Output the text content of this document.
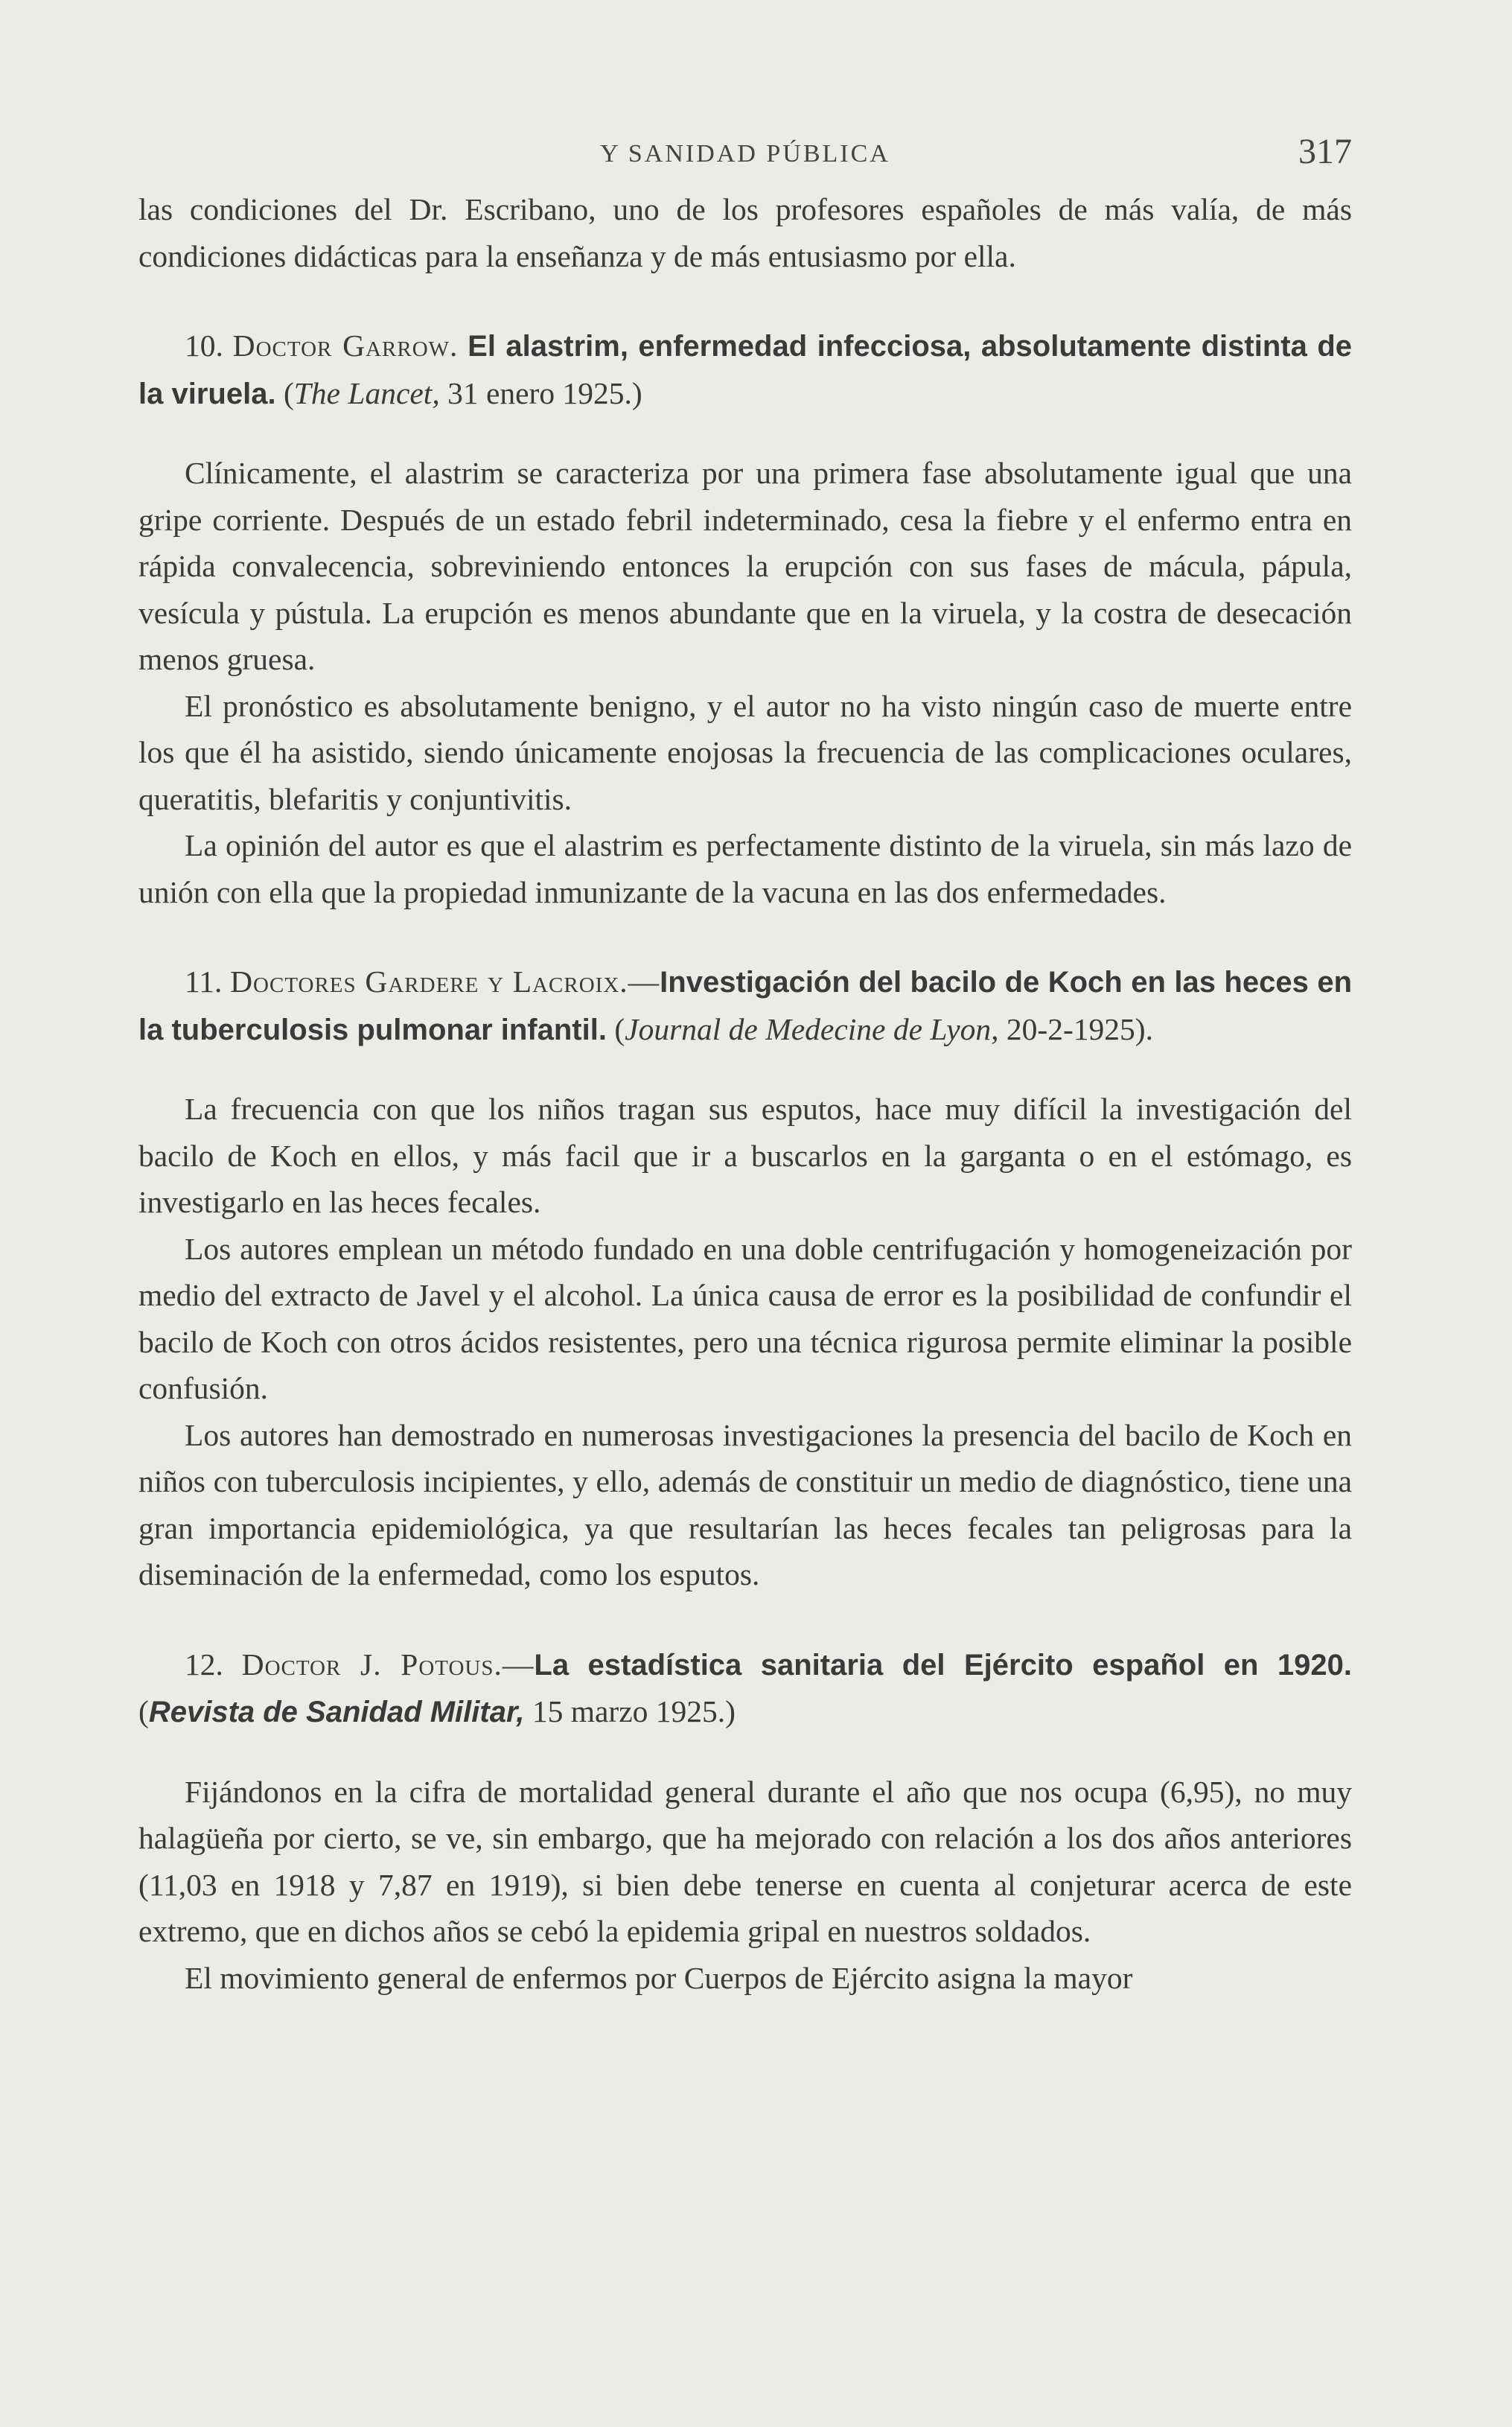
Y SANIDAD PÚBLICA	317

las condiciones del Dr. Escribano, uno de los profesores españoles de más valía, de más condiciones didácticas para la enseñanza y de más entusiasmo por ella.

10. Doctor Garrow. El alastrim, enfermedad infecciosa, absolutamente distinta de la viruela. (The Lancet, 31 enero 1925.)

Clínicamente, el alastrim se caracteriza por una primera fase absolutamente igual que una gripe corriente. Después de un estado febril indeterminado, cesa la fiebre y el enfermo entra en rápida convalecencia, sobreviniendo entonces la erupción con sus fases de mácula, pápula, vesícula y pústula. La erupción es menos abundante que en la viruela, y la costra de desecación menos gruesa.

El pronóstico es absolutamente benigno, y el autor no ha visto ningún caso de muerte entre los que él ha asistido, siendo únicamente enojosas la frecuencia de las complicaciones oculares, queratitis, blefaritis y conjuntivitis.

La opinión del autor es que el alastrim es perfectamente distinto de la viruela, sin más lazo de unión con ella que la propiedad inmunizante de la vacuna en las dos enfermedades.

11. Doctores Gardere y Lacroix.—Investigación del bacilo de Koch en las heces en la tuberculosis pulmonar infantil. (Journal de Medecine de Lyon, 20-2-1925).

La frecuencia con que los niños tragan sus esputos, hace muy difícil la investigación del bacilo de Koch en ellos, y más facil que ir a buscarlos en la garganta o en el estómago, es investigarlo en las heces fecales.

Los autores emplean un método fundado en una doble centrifugación y homogeneización por medio del extracto de Javel y el alcohol. La única causa de error es la posibilidad de confundir el bacilo de Koch con otros ácidos resistentes, pero una técnica rigurosa permite eliminar la posible confusión.

Los autores han demostrado en numerosas investigaciones la presencia del bacilo de Koch en niños con tuberculosis incipientes, y ello, además de constituir un medio de diagnóstico, tiene una gran importancia epidemiológica, ya que resultarían las heces fecales tan peligrosas para la diseminación de la enfermedad, como los esputos.

12. Doctor J. Potous.—La estadística sanitaria del Ejército español en 1920. (Revista de Sanidad Militar, 15 marzo 1925.)

Fijándonos en la cifra de mortalidad general durante el año que nos ocupa (6,95), no muy halagüeña por cierto, se ve, sin embargo, que ha mejorado con relación a los dos años anteriores (11,03 en 1918 y 7,87 en 1919), si bien debe tenerse en cuenta al conjeturar acerca de este extremo, que en dichos años se cebó la epidemia gripal en nuestros soldados.

El movimiento general de enfermos por Cuerpos de Ejército asigna la mayor
